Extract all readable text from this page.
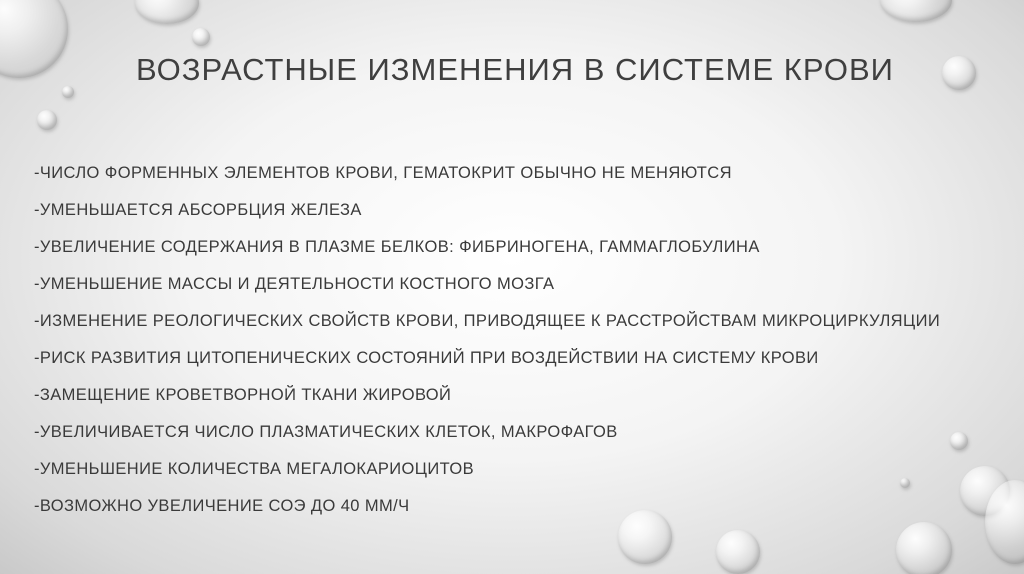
ВОЗРАСТНЫЕ ИЗМЕНЕНИЯ В СИСТЕМЕ КРОВИ
-ЧИСЛО ФОРМЕННЫХ ЭЛЕМЕНТОВ КРОВИ, ГЕМАТОКРИТ ОБЫЧНО НЕ МЕНЯЮТСЯ
-УМЕНЬШАЕТСЯ АБСОРБЦИЯ ЖЕЛЕЗА
-УВЕЛИЧЕНИЕ СОДЕРЖАНИЯ В ПЛАЗМЕ БЕЛКОВ: ФИБРИНОГЕНА, ГАММАГЛОБУЛИНА
-УМЕНЬШЕНИЕ МАССЫ И ДЕЯТЕЛЬНОСТИ КОСТНОГО МОЗГА
-ИЗМЕНЕНИЕ РЕОЛОГИЧЕСКИХ СВОЙСТВ КРОВИ, ПРИВОДЯЩЕЕ К РАССТРОЙСТВАМ МИКРОЦИРКУЛЯЦИИ
-РИСК РАЗВИТИЯ ЦИТОПЕНИЧЕСКИХ СОСТОЯНИЙ ПРИ ВОЗДЕЙСТВИИ НА СИСТЕМУ КРОВИ
-ЗАМЕЩЕНИЕ КРОВЕТВОРНОЙ ТКАНИ ЖИРОВОЙ
-УВЕЛИЧИВАЕТСЯ ЧИСЛО ПЛАЗМАТИЧЕСКИХ КЛЕТОК, МАКРОФАГОВ
-УМЕНЬШЕНИЕ КОЛИЧЕСТВА МЕГАЛОКАРИОЦИТОВ
-ВОЗМОЖНО УВЕЛИЧЕНИЕ СОЭ ДО 40 ММ/Ч
